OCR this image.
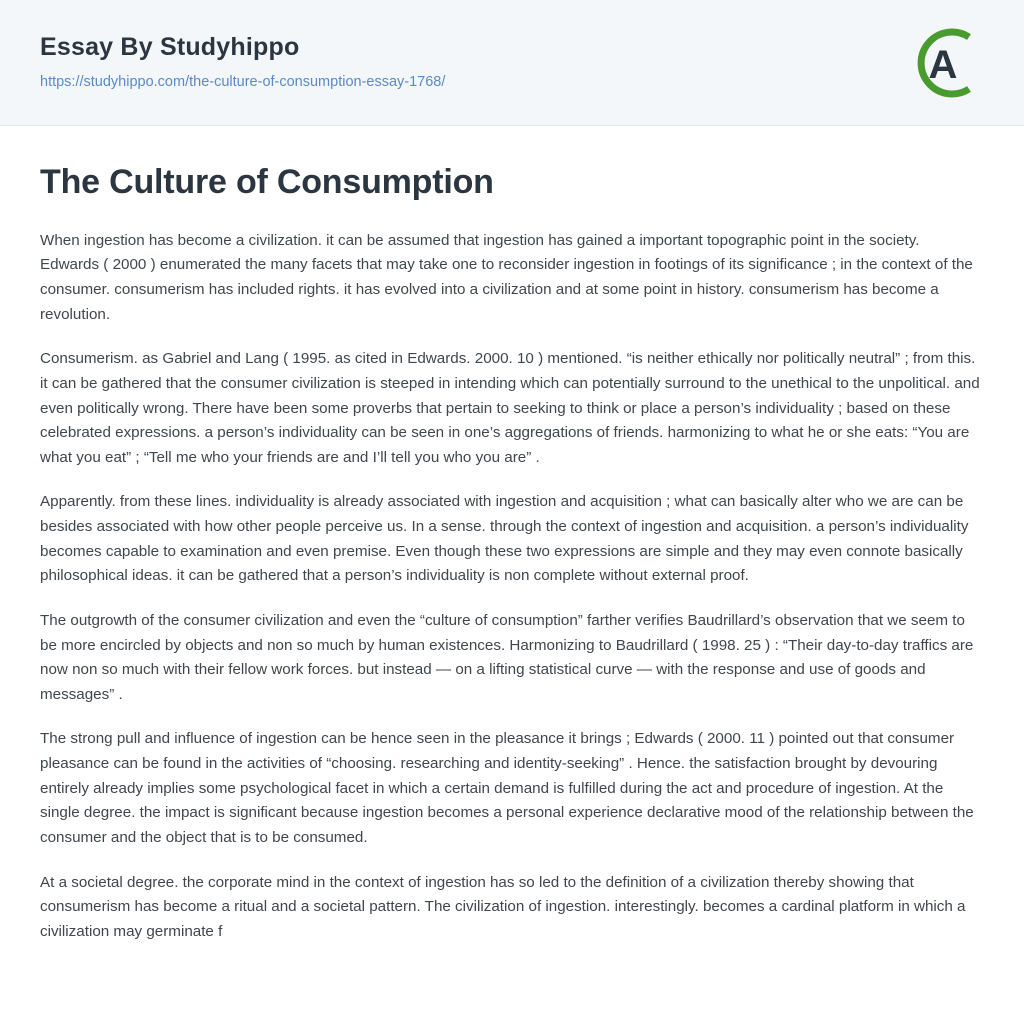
Essay By Studyhippo
https://studyhippo.com/the-culture-of-consumption-essay-1768/	A
The Culture of Consumption

When ingestion has become a civilization. it can be assumed that ingestion has gained a important topographic point in the society. Edwards ( 2000 ) enumerated the many facets that may take one to reconsider ingestion in footings of its significance ; in the context of the consumer. consumerism has included rights. it has evolved into a civilization and at some point in history. consumerism has become a revolution.

Consumerism. as Gabriel and Lang ( 1995. as cited in Edwards. 2000. 10 ) mentioned. “is neither ethically nor politically neutral” ; from this. it can be gathered that the consumer civilization is steeped in intending which can potentially surround to the unethical to the unpolitical. and even politically wrong. There have been some proverbs that pertain to seeking to think or place a person’s individuality ; based on these celebrated expressions. a person’s individuality can be seen in one’s aggregations of friends. harmonizing to what he or she eats: “You are what you eat” ; “Tell me who your friends are and I’ll tell you who you are” .

Apparently. from these lines. individuality is already associated with ingestion and acquisition ; what can basically alter who we are can be besides associated with how other people perceive us. In a sense. through the context of ingestion and acquisition. a person’s individuality becomes capable to examination and even premise. Even though these two expressions are simple and they may even connote basically philosophical ideas. it can be gathered that a person’s individuality is non complete without external proof.

The outgrowth of the consumer civilization and even the “culture of consumption” farther verifies Baudrillard’s observation that we seem to be more encircled by objects and non so much by human existences. Harmonizing to Baudrillard ( 1998. 25 ) : “Their day-to-day traffics are now non so much with their fellow work forces. but instead — on a lifting statistical curve — with the response and use of goods and messages” .

The strong pull and influence of ingestion can be hence seen in the pleasance it brings ; Edwards ( 2000. 11 ) pointed out that consumer pleasance can be found in the activities of “choosing. researching and identity-seeking” . Hence. the satisfaction brought by devouring entirely already implies some psychological facet in which a certain demand is fulfilled during the act and procedure of ingestion. At the single degree. the impact is significant because ingestion becomes a personal experience declarative mood of the relationship between the consumer and the object that is to be consumed.

At a societal degree. the corporate mind in the context of ingestion has so led to the definition of a civilization thereby showing that consumerism has become a ritual and a societal pattern. The civilization of ingestion. interestingly. becomes a cardinal platform in which a civilization may germinate f
